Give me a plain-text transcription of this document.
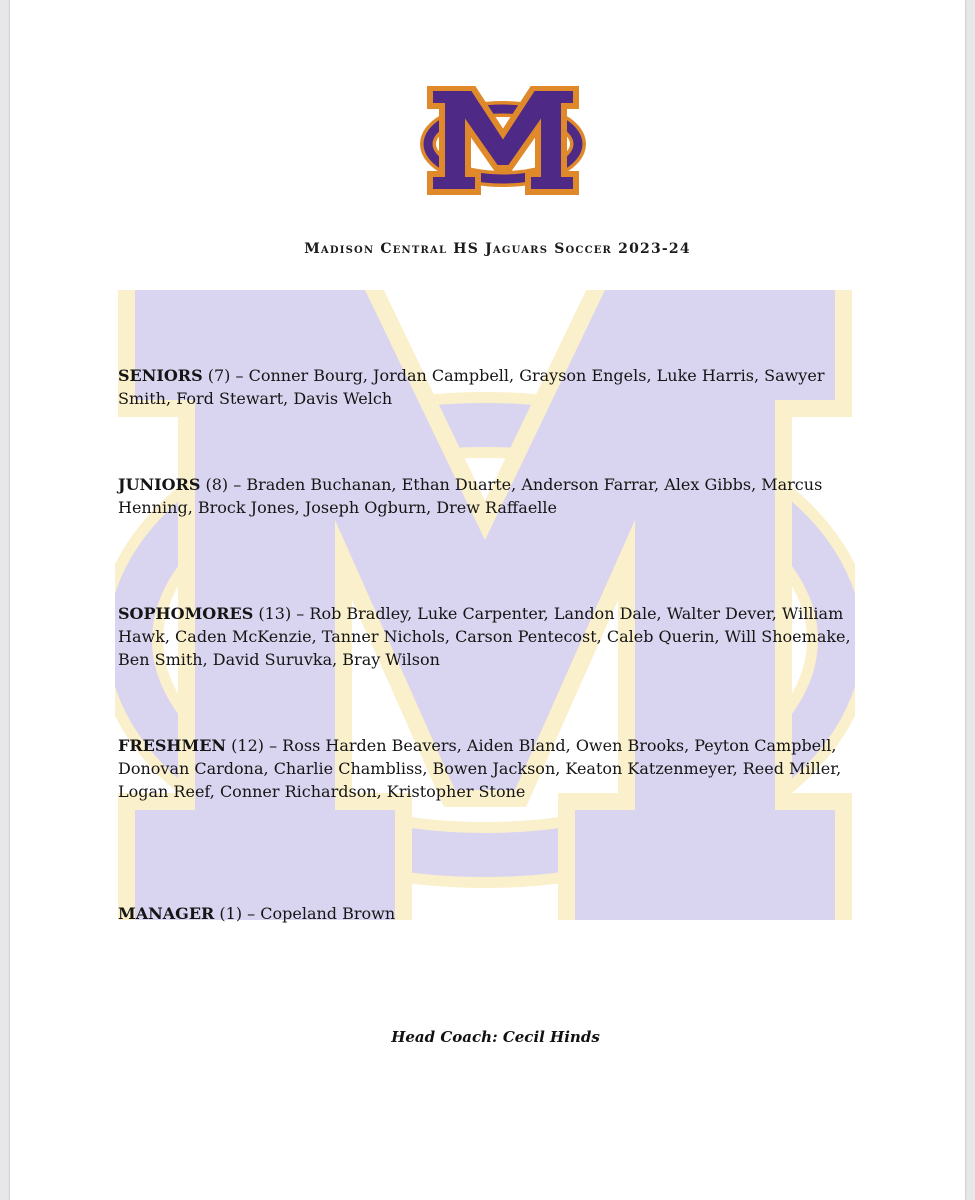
Madison Central HS Jaguars Soccer 2023-24
SENIORS (7) – Conner Bourg, Jordan Campbell, Grayson Engels, Luke Harris, Sawyer Smith, Ford Stewart, Davis Welch
JUNIORS (8) – Braden Buchanan, Ethan Duarte, Anderson Farrar, Alex Gibbs, Marcus Henning, Brock Jones, Joseph Ogburn, Drew Raffaelle
SOPHOMORES (13) – Rob Bradley, Luke Carpenter, Landon Dale, Walter Dever, William Hawk, Caden McKenzie, Tanner Nichols, Carson Pentecost, Caleb Querin, Will Shoemake, Ben Smith, David Suruvka, Bray Wilson
FRESHMEN (12) – Ross Harden Beavers, Aiden Bland, Owen Brooks, Peyton Campbell, Donovan Cardona, Charlie Chambliss, Bowen Jackson, Keaton Katzenmeyer, Reed Miller, Logan Reef, Conner Richardson, Kristopher Stone
MANAGER (1) – Copeland Brown
Head Coach: Cecil Hinds
